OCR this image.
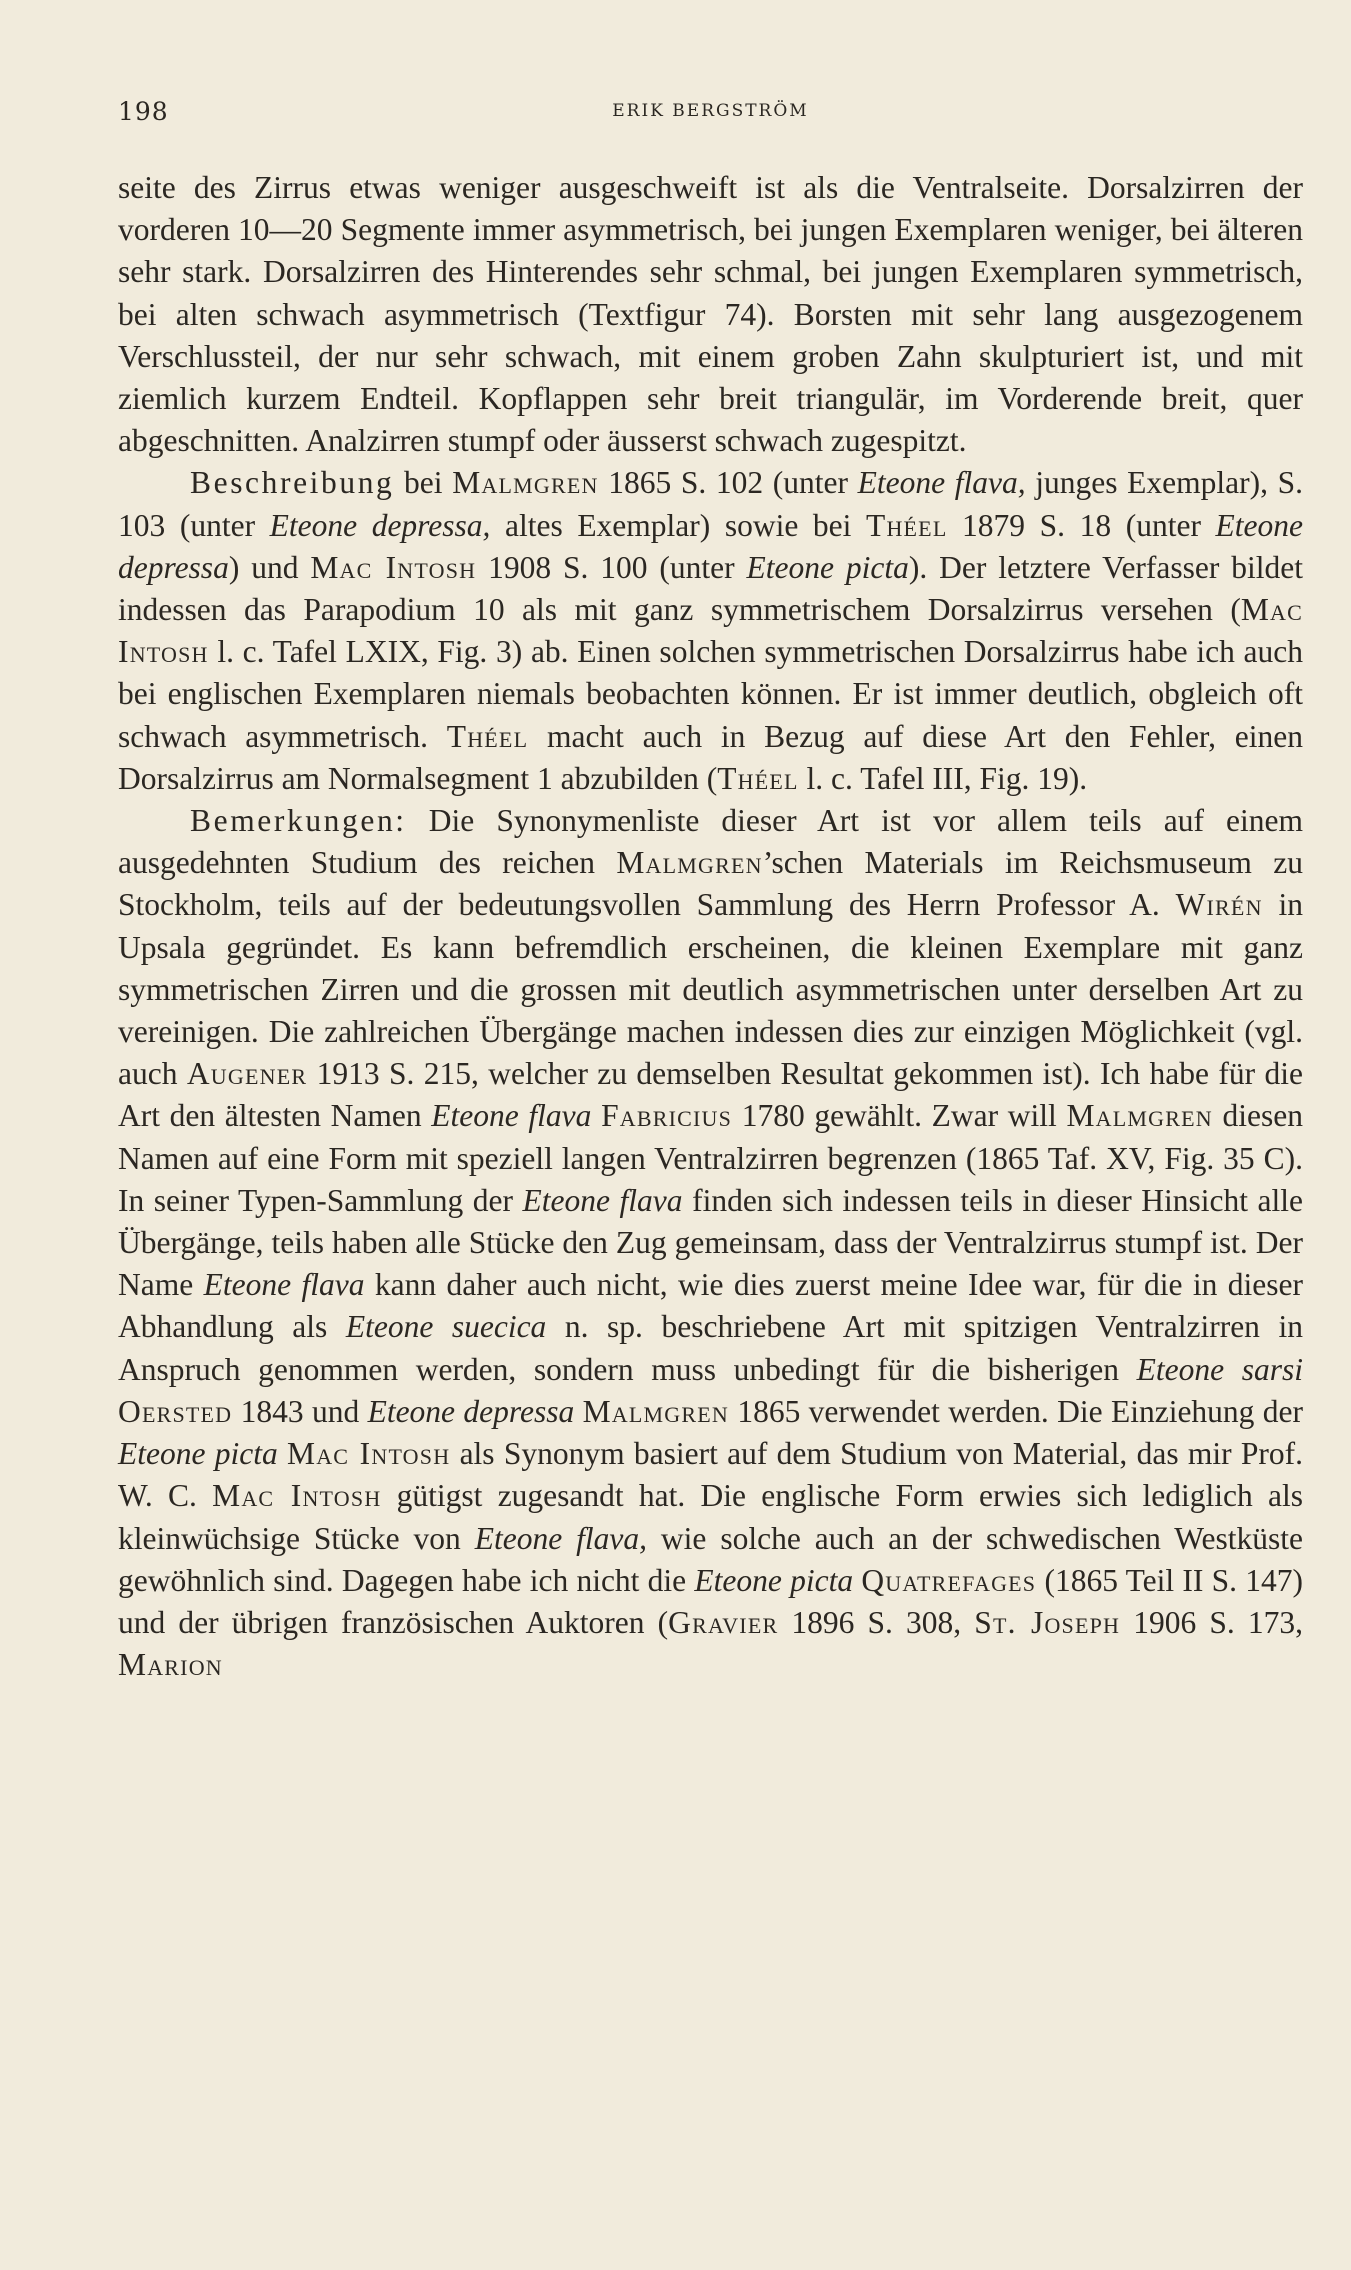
198	ERIK BERGSTRÖM

seite des Zirrus etwas weniger ausgeschweift ist als die Ventralseite. Dorsalzirren der vorderen 10—20 Segmente immer asymmetrisch, bei jungen Exemplaren weniger, bei älteren sehr stark. Dorsalzirren des Hinterendes sehr schmal, bei jungen Exemplaren symmetrisch, bei alten schwach asymmetrisch (Textfigur 74). Borsten mit sehr lang ausgezogenem Verschlussteil, der nur sehr schwach, mit einem groben Zahn skulpturiert ist, und mit ziemlich kurzem Endteil. Kopflappen sehr breit triangulär, im Vorderende breit, quer abgeschnitten. Analzirren stumpf oder äusserst schwach zugespitzt.

Beschreibung bei Malmgren 1865 S. 102 (unter Eteone flava, junges Exemplar), S. 103 (unter Eteone depressa, altes Exemplar) sowie bei Théel 1879 S. 18 (unter Eteone depressa) und Mac Intosh 1908 S. 100 (unter Eteone picta). Der letztere Verfasser bildet indessen das Parapodium 10 als mit ganz symmetrischem Dorsalzirrus versehen (Mac Intosh l. c. Tafel LXIX, Fig. 3) ab. Einen solchen symmetrischen Dorsalzirrus habe ich auch bei englischen Exemplaren niemals beobachten können. Er ist immer deutlich, obgleich oft schwach asymmetrisch. Théel macht auch in Bezug auf diese Art den Fehler, einen Dorsalzirrus am Normalsegment 1 abzubilden (Théel l. c. Tafel III, Fig. 19).

Bemerkungen: Die Synonymenliste dieser Art ist vor allem teils auf einem ausgedehnten Studium des reichen Malmgren’schen Materials im Reichsmuseum zu Stockholm, teils auf der bedeutungsvollen Sammlung des Herrn Professor A. Wirén in Upsala gegründet. Es kann befremdlich erscheinen, die kleinen Exemplare mit ganz symmetrischen Zirren und die grossen mit deutlich asymmetrischen unter derselben Art zu vereinigen. Die zahlreichen Übergänge machen indessen dies zur einzigen Möglichkeit (vgl. auch Augener 1913 S. 215, welcher zu demselben Resultat gekommen ist). Ich habe für die Art den ältesten Namen Eteone flava Fabricius 1780 gewählt. Zwar will Malmgren diesen Namen auf eine Form mit speziell langen Ventralzirren begrenzen (1865 Taf. XV, Fig. 35 C). In seiner Typen-Sammlung der Eteone flava finden sich indessen teils in dieser Hinsicht alle Übergänge, teils haben alle Stücke den Zug gemeinsam, dass der Ventralzirrus stumpf ist. Der Name Eteone flava kann daher auch nicht, wie dies zuerst meine Idee war, für die in dieser Abhandlung als Eteone suecica n. sp. beschriebene Art mit spitzigen Ventralzirren in Anspruch genommen werden, sondern muss unbedingt für die bisherigen Eteone sarsi Oersted 1843 und Eteone depressa Malmgren 1865 verwendet werden. Die Einziehung der Eteone picta Mac Intosh als Synonym basiert auf dem Studium von Material, das mir Prof. W. C. Mac Intosh gütigst zugesandt hat. Die englische Form erwies sich lediglich als kleinwüchsige Stücke von Eteone flava, wie solche auch an der schwedischen Westküste gewöhnlich sind. Dagegen habe ich nicht die Eteone picta Quatrefages (1865 Teil II S. 147) und der übrigen französischen Auktoren (Gravier 1896 S. 308, St. Joseph 1906 S. 173, Marion
